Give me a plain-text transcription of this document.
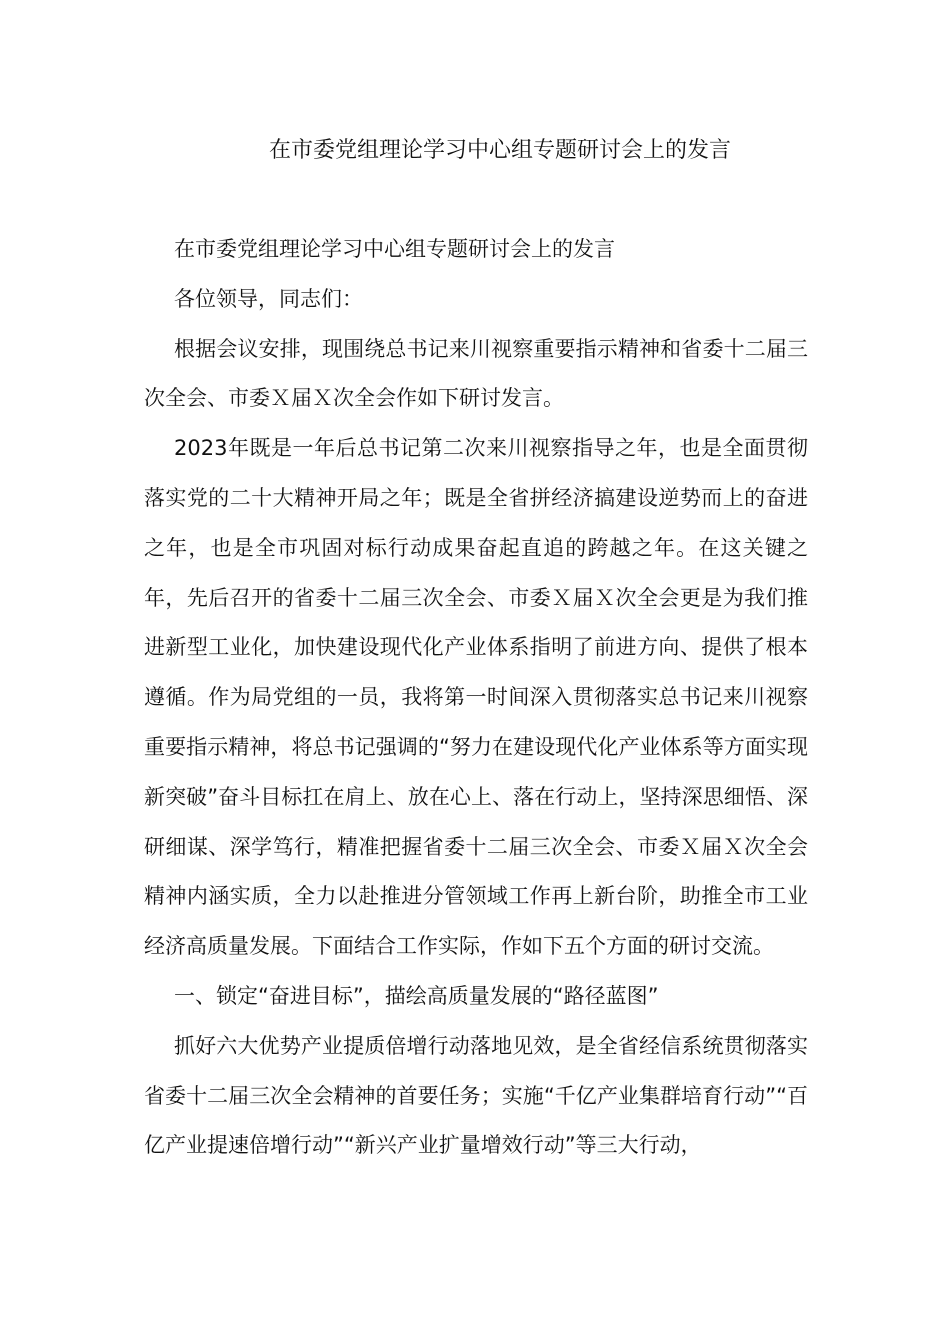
在市委党组理论学习中心组专题研讨会上的发言

在市委党组理论学习中心组专题研讨会上的发言

各位领导，同志们：

根据会议安排，现围绕总书记来川视察重要指示精神和省委十二届三次全会、市委Ｘ届Ｘ次全会作如下研讨发言。

2023年既是一年后总书记第二次来川视察指导之年，也是全面贯彻落实党的二十大精神开局之年；既是全省拼经济搞建设逆势而上的奋进之年，也是全市巩固对标行动成果奋起直追的跨越之年。在这关键之年，先后召开的省委十二届三次全会、市委Ｘ届Ｘ次全会更是为我们推进新型工业化，加快建设现代化产业体系指明了前进方向、提供了根本遵循。作为局党组的一员，我将第一时间深入贯彻落实总书记来川视察重要指示精神，将总书记强调的“努力在建设现代化产业体系等方面实现新突破”奋斗目标扛在肩上、放在心上、落在行动上，坚持深思细悟、深研细谋、深学笃行，精准把握省委十二届三次全会、市委Ｘ届Ｘ次全会精神内涵实质，全力以赴推进分管领域工作再上新台阶，助推全市工业经济高质量发展。下面结合工作实际，作如下五个方面的研讨交流。

一、锁定“奋进目标”，描绘高质量发展的“路径蓝图”

抓好六大优势产业提质倍增行动落地见效，是全省经信系统贯彻落实省委十二届三次全会精神的首要任务；实施“千亿产业集群培育行动”“百亿产业提速倍增行动”“新兴产业扩量增效行动”等三大行动，
